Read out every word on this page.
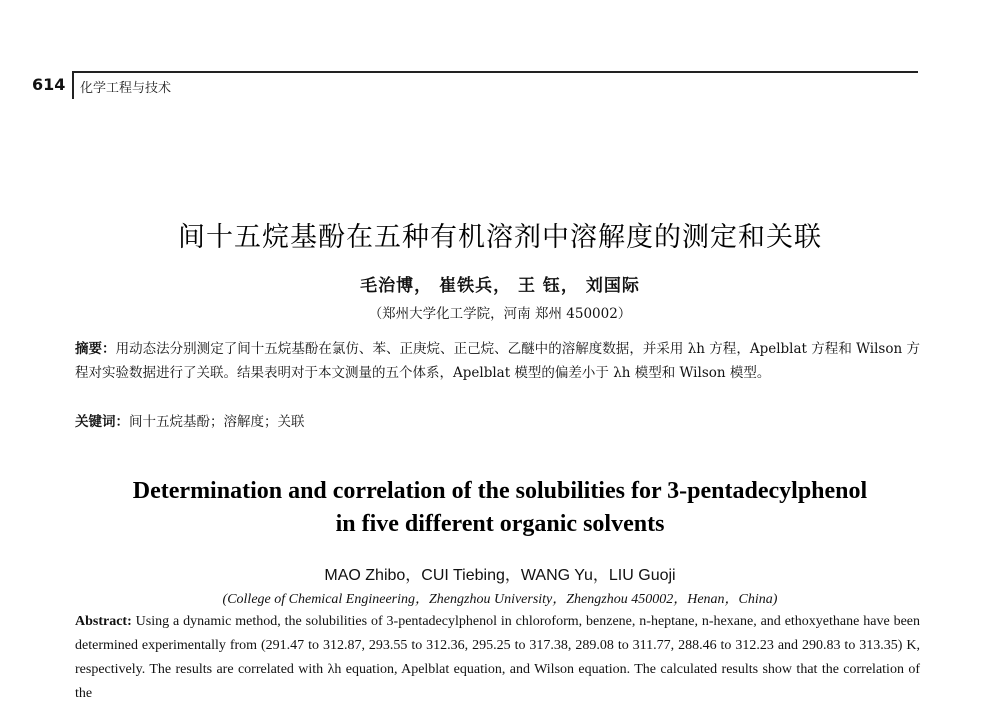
614 化学工程与技术
间十五烷基酚在五种有机溶剂中溶解度的测定和关联
毛治博， 崔铁兵， 王 钰， 刘国际
（郑州大学化工学院，河南 郑州 450002）
摘要：用动态法分别测定了间十五烷基酚在氯仿、苯、正庚烷、正己烷、乙醚中的溶解度数据，并采用 λh 方程，Apelblat 方程和 Wilson 方程对实验数据进行了关联。结果表明对于本文测量的五个体系，Apelblat 模型的偏差小于 λh 模型和 Wilson 模型。
关键词：间十五烷基酚；溶解度；关联
Determination and correlation of the solubilities for 3-pentadecylphenol
in five different organic solvents
MAO Zhibo，CUI Tiebing，WANG Yu，LIU Guoji
(College of Chemical Engineering，Zhengzhou University，Zhengzhou 450002，Henan，China)
Abstract: Using a dynamic method, the solubilities of 3-pentadecylphenol in chloroform, benzene, n-heptane, n-hexane, and ethoxyethane have been determined experimentally from (291.47 to 312.87, 293.55 to 312.36, 295.25 to 317.38, 289.08 to 311.77, 288.46 to 312.23 and 290.83 to 313.35) K, respectively. The results are correlated with λh equation, Apelblat equation, and Wilson equation. The calculated results show that the correlation of the
